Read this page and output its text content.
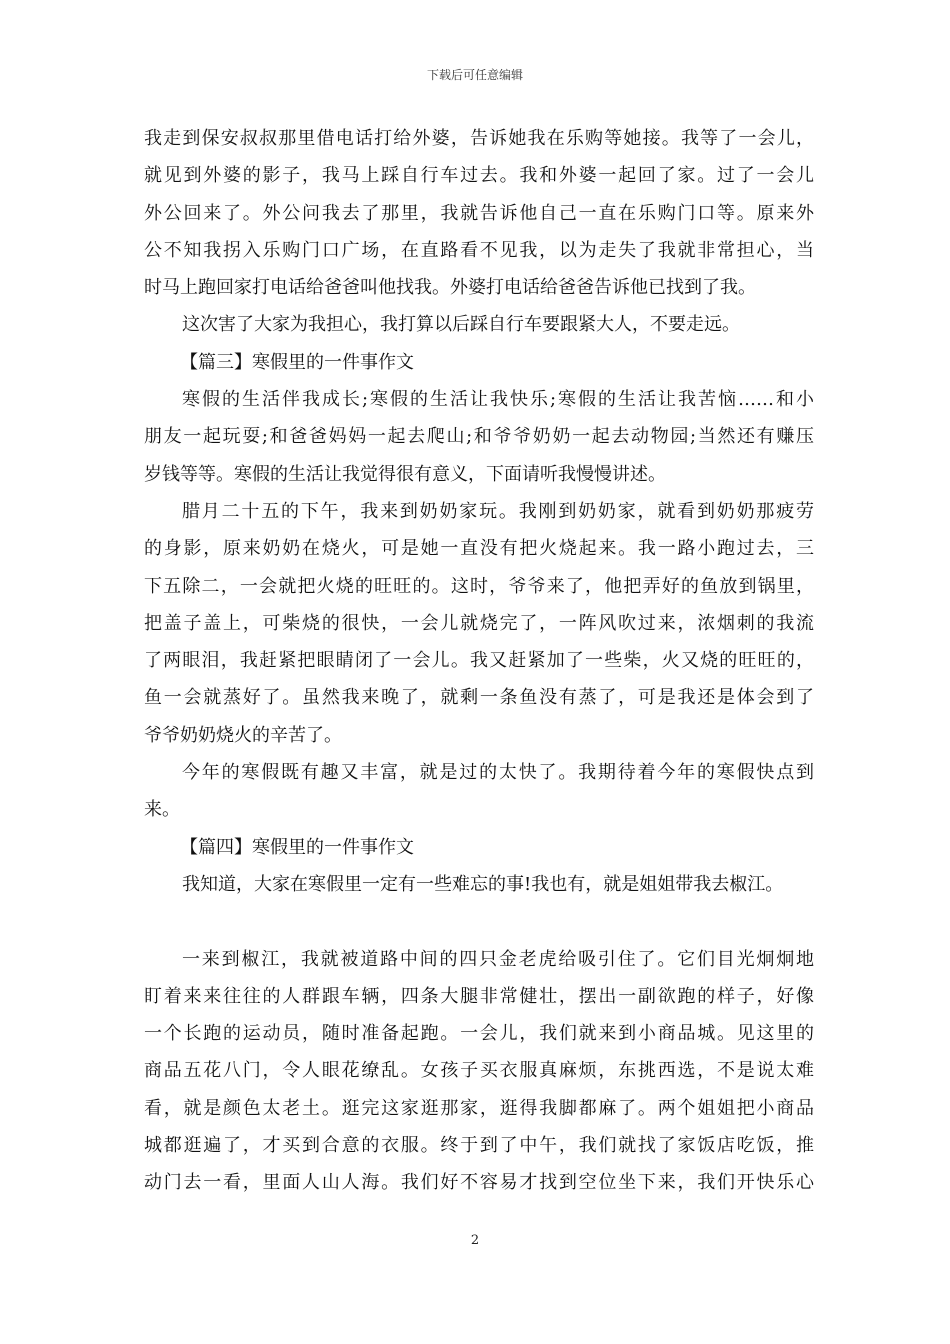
下载后可任意编辑
我走到保安叔叔那里借电话打给外婆，告诉她我在乐购等她接。我等了一会儿，
就见到外婆的影子，我马上踩自行车过去。我和外婆一起回了家。过了一会儿
外公回来了。外公问我去了那里，我就告诉他自己一直在乐购门口等。原来外
公不知我拐入乐购门口广场，在直路看不见我，以为走失了我就非常担心，当
时马上跑回家打电话给爸爸叫他找我。外婆打电话给爸爸告诉他已找到了我。
这次害了大家为我担心，我打算以后踩自行车要跟紧大人，不要走远。
【篇三】寒假里的一件事作文
寒假的生活伴我成长;寒假的生活让我快乐;寒假的生活让我苦恼……和小
朋友一起玩耍;和爸爸妈妈一起去爬山;和爷爷奶奶一起去动物园;当然还有赚压
岁钱等等。寒假的生活让我觉得很有意义，下面请听我慢慢讲述。
腊月二十五的下午，我来到奶奶家玩。我刚到奶奶家，就看到奶奶那疲劳
的身影，原来奶奶在烧火，可是她一直没有把火烧起来。我一路小跑过去，三
下五除二，一会就把火烧的旺旺的。这时，爷爷来了，他把弄好的鱼放到锅里，
把盖子盖上，可柴烧的很快，一会儿就烧完了，一阵风吹过来，浓烟刺的我流
了两眼泪，我赶紧把眼睛闭了一会儿。我又赶紧加了一些柴，火又烧的旺旺的，
鱼一会就蒸好了。虽然我来晚了，就剩一条鱼没有蒸了，可是我还是体会到了
爷爷奶奶烧火的辛苦了。
今年的寒假既有趣又丰富，就是过的太快了。我期待着今年的寒假快点到
来。
【篇四】寒假里的一件事作文
我知道，大家在寒假里一定有一些难忘的事!我也有，就是姐姐带我去椒江。
一来到椒江，我就被道路中间的四只金老虎给吸引住了。它们目光炯炯地
盯着来来往往的人群跟车辆，四条大腿非常健壮，摆出一副欲跑的样子，好像
一个长跑的运动员，随时准备起跑。一会儿，我们就来到小商品城。见这里的
商品五花八门，令人眼花缭乱。女孩子买衣服真麻烦，东挑西选，不是说太难
看，就是颜色太老土。逛完这家逛那家，逛得我脚都麻了。两个姐姐把小商品
城都逛遍了，才买到合意的衣服。终于到了中午，我们就找了家饭店吃饭，推
动门去一看，里面人山人海。我们好不容易才找到空位坐下来，我们开快乐心
2
